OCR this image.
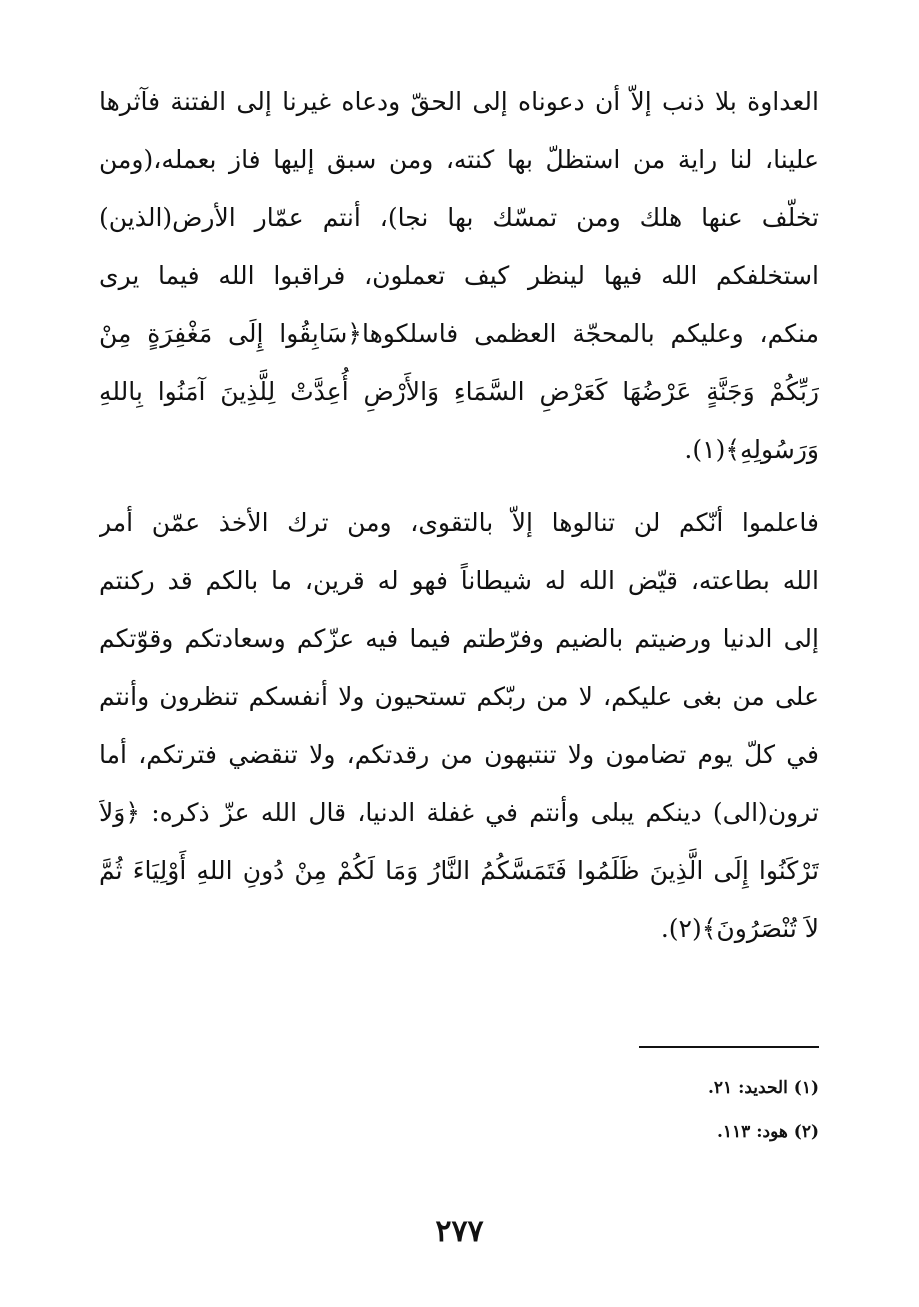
العداوة بلا ذنب إلاّ أن دعوناه إلى الحقّ ودعاه غيرنا إلى الفتنة فآثرها
علينا، لنا راية من استظلّ بها كنته، ومن سبق إليها فاز بعمله،(ومن
تخلّف عنها هلك ومن تمسّك بها نجا)، أنتم عمّار الأرض(الذين)
استخلفكم الله فيها لينظر كيف تعملون، فراقبوا الله فيما يرى
منكم، وعليكم بالمحجّة العظمى فاسلكوها﴿سَابِقُوا إِلَى مَغْفِرَةٍ مِنْ
رَبِّكُمْ وَجَنَّةٍ عَرْضُهَا كَعَرْضِ السَّمَاءِ وَالأَرْضِ أُعِدَّتْ لِلَّذِينَ آمَنُوا بِاللهِ
وَرَسُولِهِ﴾(١).
فاعلموا أنّكم لن تنالوها إلاّ بالتقوى، ومن ترك الأخذ عمّن أمر
الله بطاعته، قيّض الله له شيطاناً فهو له قرين، ما بالكم قد ركنتم
إلى الدنيا ورضيتم بالضيم وفرّطتم فيما فيه عزّكم وسعادتكم وقوّتكم
على من بغى عليكم، لا من ربّكم تستحيون ولا أنفسكم تنظرون وأنتم
في كلّ يوم تضامون ولا تنتبهون من رقدتكم، ولا تنقضي فترتكم، أما
ترون(الى) دينكم يبلى وأنتم في غفلة الدنيا، قال الله عزّ ذكره: ﴿وَلاَ
تَرْكَنُوا إِلَى الَّذِينَ ظَلَمُوا فَتَمَسَّكُمُ النَّارُ وَمَا لَكُمْ مِنْ دُونِ اللهِ أَوْلِيَاءَ ثُمَّ
لاَ تُنْصَرُونَ﴾(٢).
(١) الحديد: ٢١.
(٢) هود: ١١٣.
٢٧٧
